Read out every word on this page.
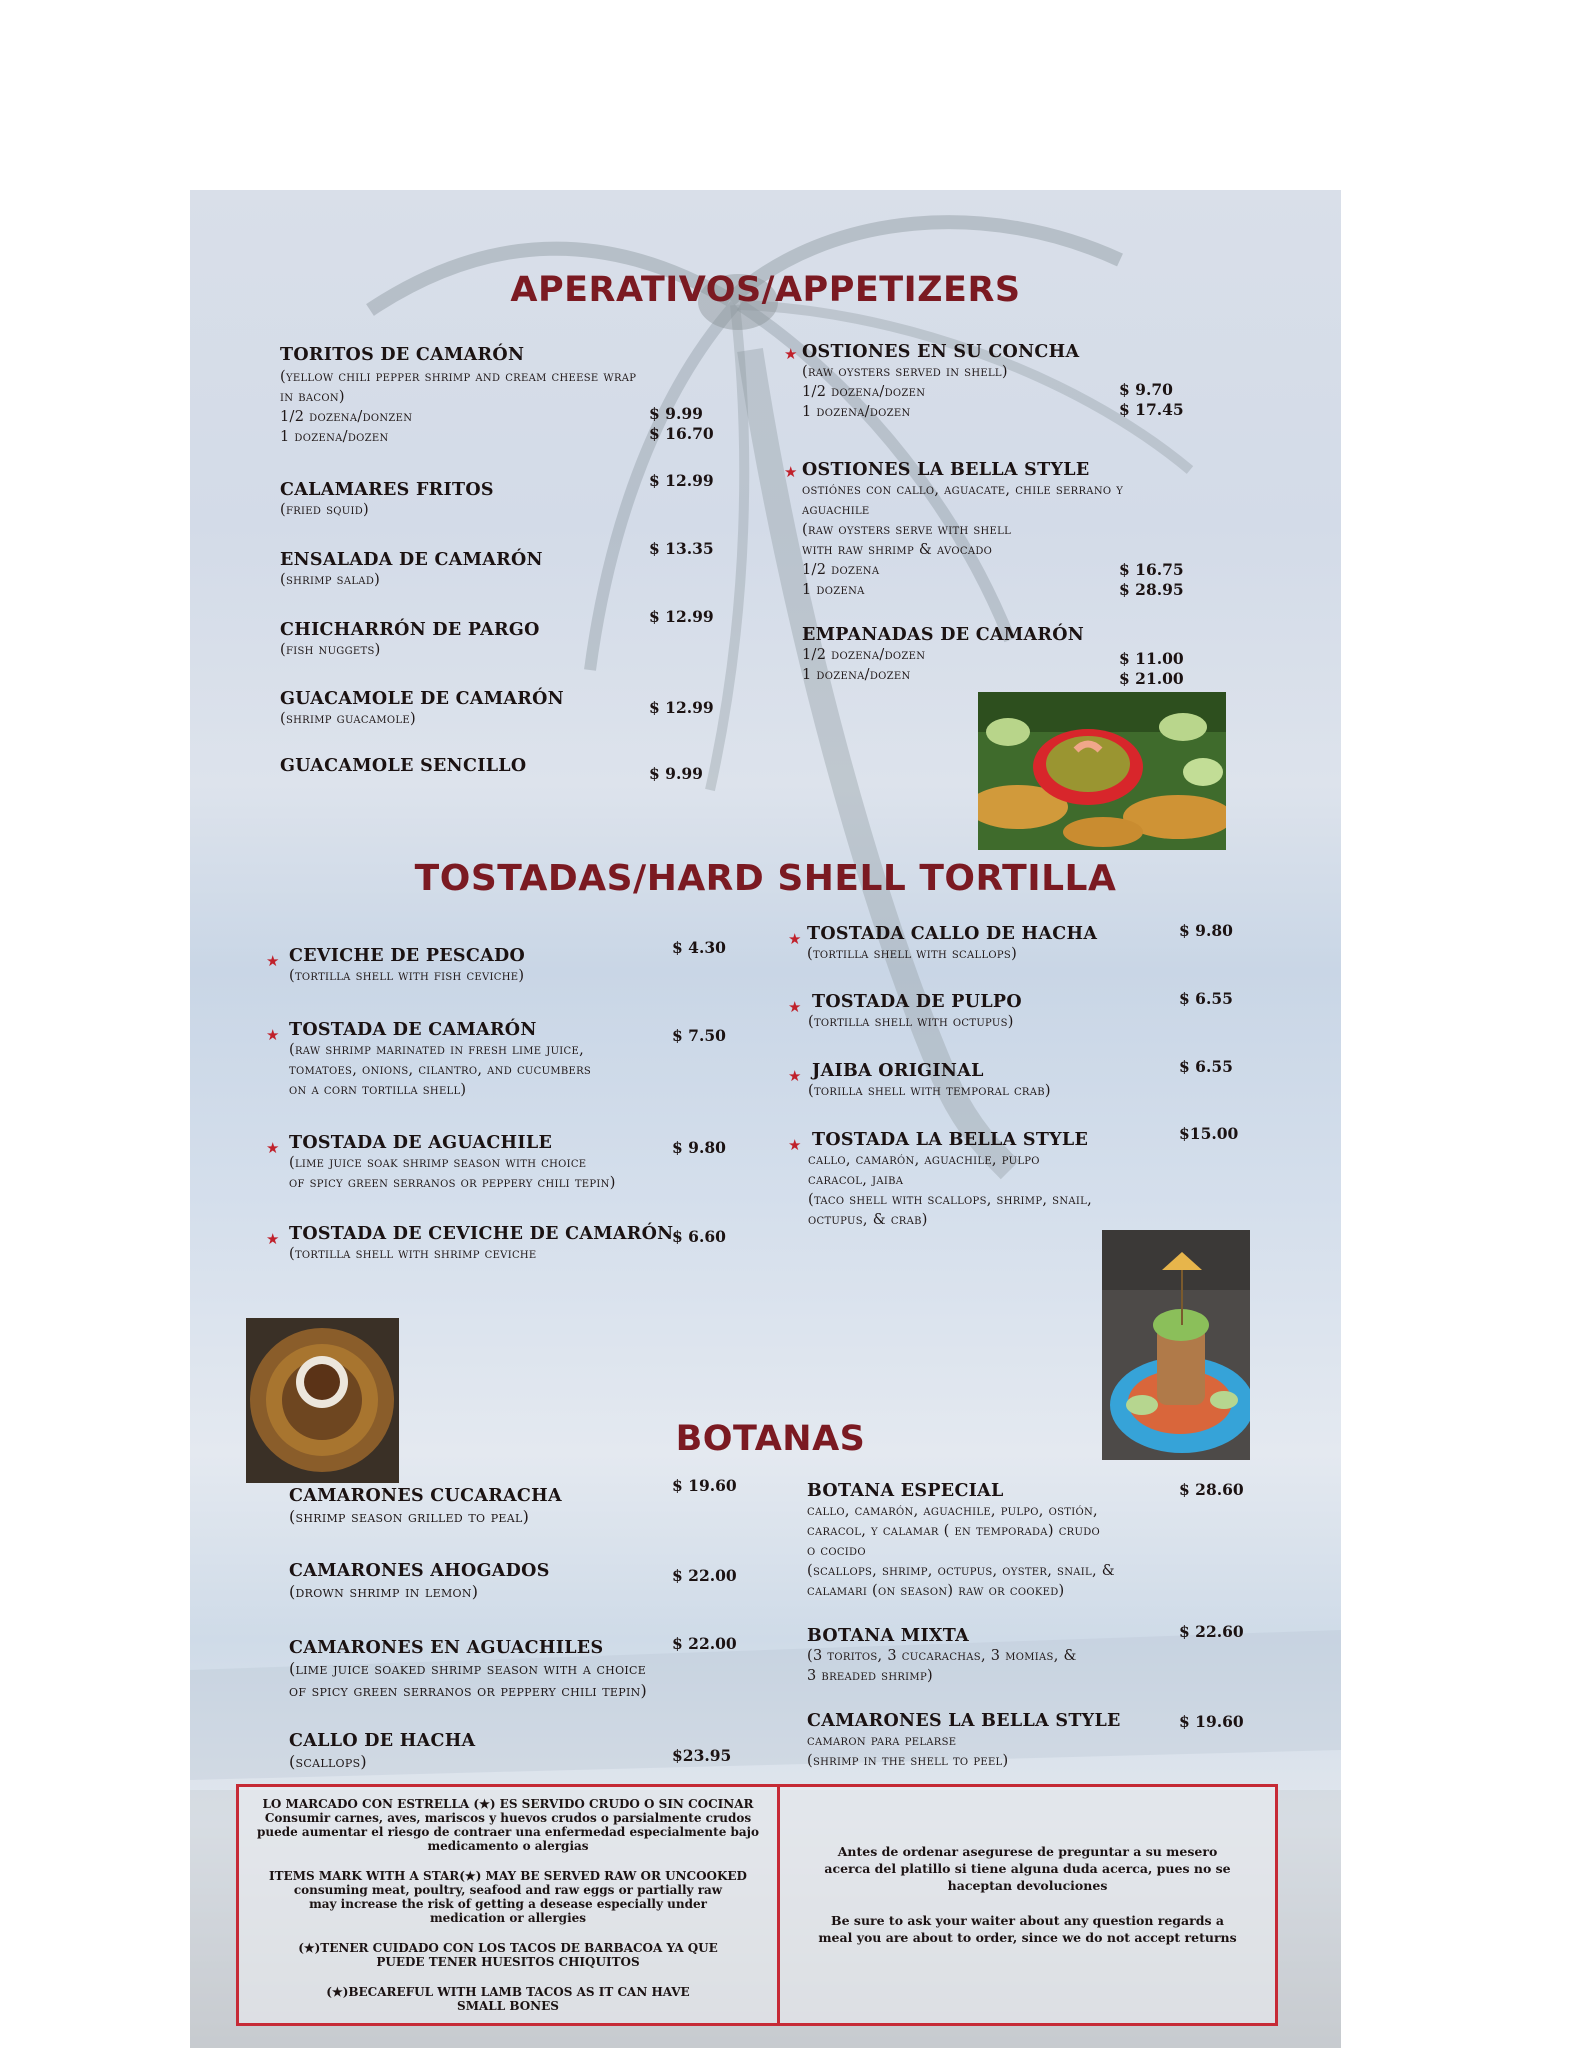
APERATIVOS/APPETIZERS
TORITOS DE CAMARÓN
(yellow chili pepper shrimp and cream cheese wrap
in bacon)
1/2 dozena/donzen
1 dozena/dozen
$ 9.99
$ 16.70
CALAMARES FRITOS
(fried squid)
$ 12.99
ENSALADA DE CAMARÓN
(shrimp salad)
$ 13.35
CHICHARRÓN DE PARGO
(fish nuggets)
$ 12.99
GUACAMOLE DE CAMARÓN
(shrimp guacamole)
$ 12.99
GUACAMOLE SENCILLO	$ 9.99
★ OSTIONES EN SU CONCHA
(raw oysters served in shell)
1/2 dozena/dozen
1 dozena/dozen
$ 9.70
$ 17.45
★ OSTIONES LA BELLA STYLE
ostiónes con callo, aguacate, chile serrano y
aguachile
(raw oysters serve with shell
with raw shrimp & avocado
1/2 dozena
1 dozena
$ 16.75
$ 28.95
EMPANADAS DE CAMARÓN
1/2 dozena/dozen
1 dozena/dozen
$ 11.00
$ 21.00
TOSTADAS/HARD SHELL TORTILLA
★ CEVICHE DE PESCADO
(tortilla shell with fish ceviche)
$ 4.30
★ TOSTADA DE CAMARÓN
(raw shrimp marinated in fresh lime juice,
tomatoes, onions, cilantro, and cucumbers
on a corn tortilla shell)
$ 7.50
★ TOSTADA DE AGUACHILE
(lime juice soak shrimp season with choice
of spicy green serranos or peppery chili tepin)
$ 9.80
★ TOSTADA DE CEVICHE DE CAMARÓN
(tortilla shell with shrimp ceviche
$ 6.60
★ TOSTADA CALLO DE HACHA
(tortilla shell with scallops)
$ 9.80
★ TOSTADA DE PULPO
(tortilla shell with octupus)
$ 6.55
★ JAIBA ORIGINAL
(torilla shell with temporal crab)
$ 6.55
★ TOSTADA LA BELLA STYLE
callo, camarón, aguachile, pulpo
caracol, jaiba
(taco shell with scallops, shrimp, snail,
octupus, & crab)
$15.00
BOTANAS
CAMARONES CUCARACHA
(shrimp season grilled to peal)
$ 19.60
CAMARONES AHOGADOS
(drown shrimp in lemon)
$ 22.00
CAMARONES EN AGUACHILES
(lime juice soaked shrimp season with a choice
of spicy green serranos or peppery chili tepin)
$ 22.00
CALLO DE HACHA
(scallops)	$23.95
BOTANA ESPECIAL
callo, camarón, aguachile, pulpo, ostión,
caracol, y calamar ( en temporada) crudo
o cocido
(scallops, shrimp, octupus, oyster, snail, &
calamari (on season) raw or cooked)
$ 28.60
BOTANA MIXTA
(3 toritos, 3 cucarachas, 3 momias, &
3 breaded shrimp)
$ 22.60
CAMARONES LA BELLA STYLE
camaron para pelarse
(shrimp in the shell to peel)
$ 19.60

LO MARCADO CON ESTRELLA (★) ES SERVIDO CRUDO O SIN COCINAR
Consumir carnes, aves, mariscos y huevos crudos o parsialmente crudos
puede aumentar el riesgo de contraer una enfermedad especialmente bajo
medicamento o alergias

ITEMS MARK WITH A STAR(★) MAY BE SERVED RAW OR UNCOOKED
consuming meat, poultry, seafood and raw eggs or partially raw
may increase the risk of getting a desease especially under
medication or allergies

(★)TENER CUIDADO CON LOS TACOS DE BARBACOA YA QUE
PUEDE TENER HUESITOS CHIQUITOS

(★)BECAREFUL WITH LAMB TACOS AS IT CAN HAVE
SMALL BONES

Antes de ordenar asegurese de preguntar a su mesero
acerca del platillo si tiene alguna duda acerca, pues no se
haceptan devoluciones

Be sure to ask your waiter about any question regards a
meal you are about to order, since we do not accept returns
